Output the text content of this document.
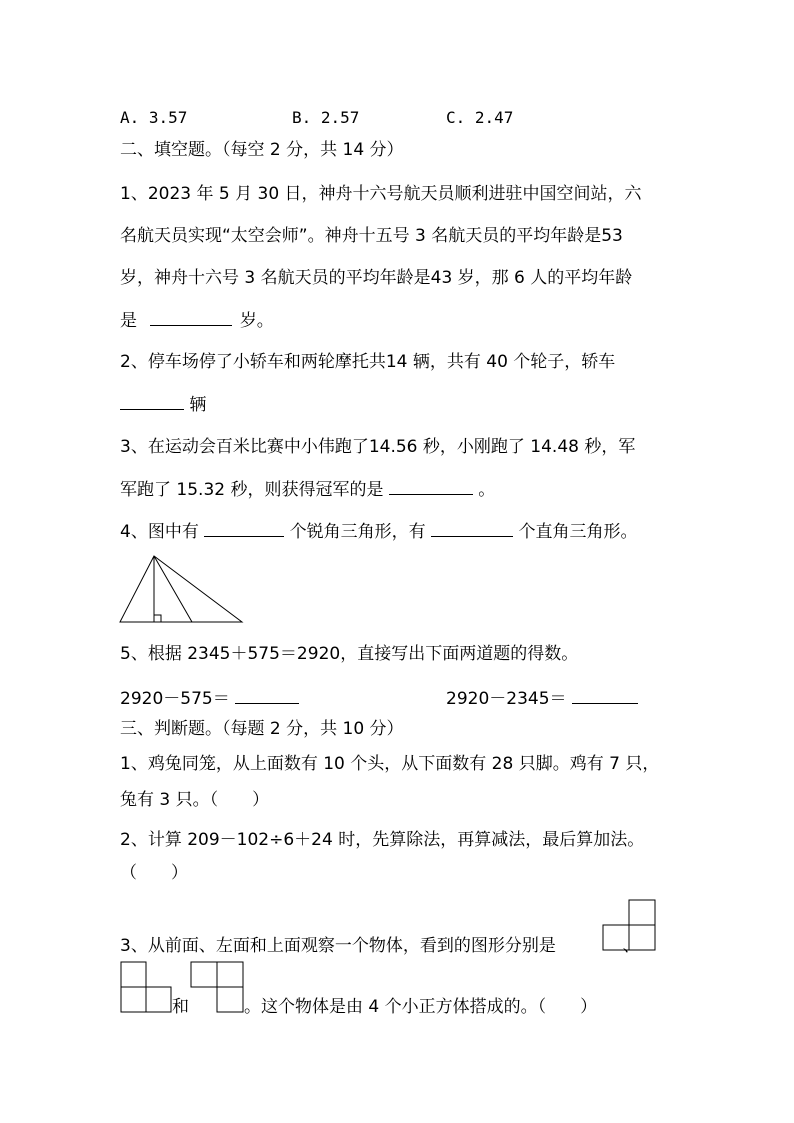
A. 3.57	B. 2.57	C. 2.47
二、填空题。（每空 2 分，共 14 分）
1、2023 年 5 月 30 日，神舟十六号航天员顺利进驻中国空间站，六
名航天员实现“太空会师”。神舟十五号 3 名航天员的平均年龄是53
岁，神舟十六号 3 名航天员的平均年龄是43 岁，那 6 人的平均年龄
是	岁。
2、停车场停了小轿车和两轮摩托共14 辆，共有 40 个轮子，轿车
辆
3、在运动会百米比赛中小伟跑了14.56 秒，小刚跑了 14.48 秒，军
军跑了 15.32 秒，则获得冠军的是	。
4、图中有	个锐角三角形，有	个直角三角形。
5、根据 2345＋575＝2920，直接写出下面两道题的得数。
2920－575＝	2920－2345＝
三、判断题。（每题 2 分，共 10 分）
1、鸡兔同笼，从上面数有 10 个头，从下面数有 28 只脚。鸡有 7 只，
兔有 3 只。（　　）
2、计算 209－102÷6＋24 时，先算除法，再算减法，最后算加法。
（　　）
3、从前面、左面和上面观察一个物体，看到的图形分别是	、
和	。这个物体是由 4 个小正方体搭成的。（　　）
